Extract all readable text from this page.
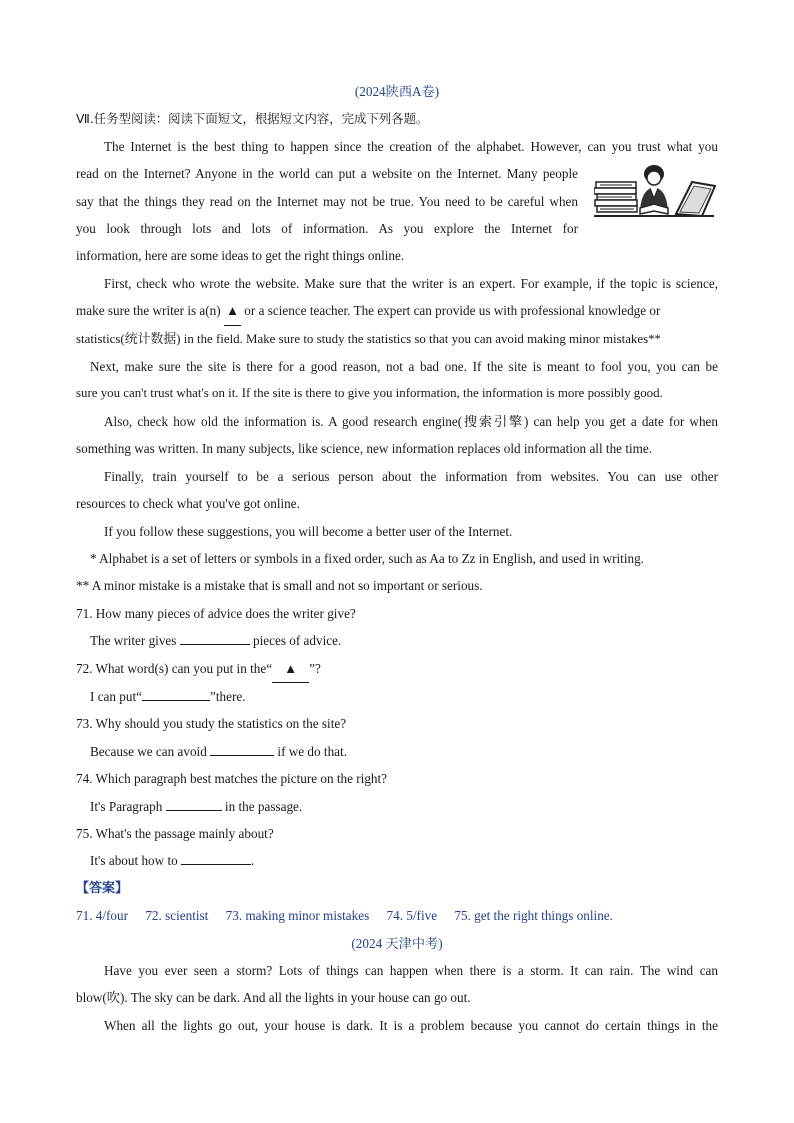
(2024陕西A卷)
Ⅶ.任务型阅读：阅读下面短文，根据短文内容，完成下列各题。
The Internet is the best thing to happen since the creation of the alphabet. However, can you trust what you
read on the Internet? Anyone in the world can put a website on the Internet. Many people
say that the things they read on the Internet may not be true. You need to be careful when
you look through lots and lots of information. As you explore the Internet for
information, here are some ideas to get the right things online.
First, check who wrote the website. Make sure that the writer is an expert. For example, if the topic is science,
make sure the writer is a(n) ▲ or a science teacher. The expert can provide us with professional knowledge or
statistics(统计数据) in the field. Make sure to study the statistics so that you can avoid making minor mistakes**
Next, make sure the site is there for a good reason, not a bad one. If the site is meant to fool you, you can be
sure you can't trust what's on it. If the site is there to give you information, the information is more possibly good.
Also, check how old the information is. A good research engine(搜索引擎) can help you get a date for when
something was written. In many subjects, like science, new information replaces old information all the time.
Finally, train yourself to be a serious person about the information from websites. You can use other
resources to check what you've got online.
If you follow these suggestions, you will become a better user of the Internet.
* Alphabet is a set of letters or symbols in a fixed order, such as Aa to Zz in English, and used in writing.
** A minor mistake is a mistake that is small and not so important or serious.
71. How many pieces of advice does the writer give?
The writer gives	pieces of advice.
72. What word(s) can you put in the“ ▲ ”?
I can put“	”there.
73. Why should you study the statistics on the site?
Because we can avoid	if we do that.
74. Which paragraph best matches the picture on the right?
It's Paragraph	in the passage.
75. What's the passage mainly about?
It's about how to	.
【答案】
71. 4/four 72. scientist 73. making minor mistakes 74. 5/five 75. get the right things online.
(2024 天津中考)
Have you ever seen a storm? Lots of things can happen when there is a storm. It can rain. The wind can
blow(吹). The sky can be dark. And all the lights in your house can go out.
When all the lights go out, your house is dark. It is a problem because you cannot do certain things in the
